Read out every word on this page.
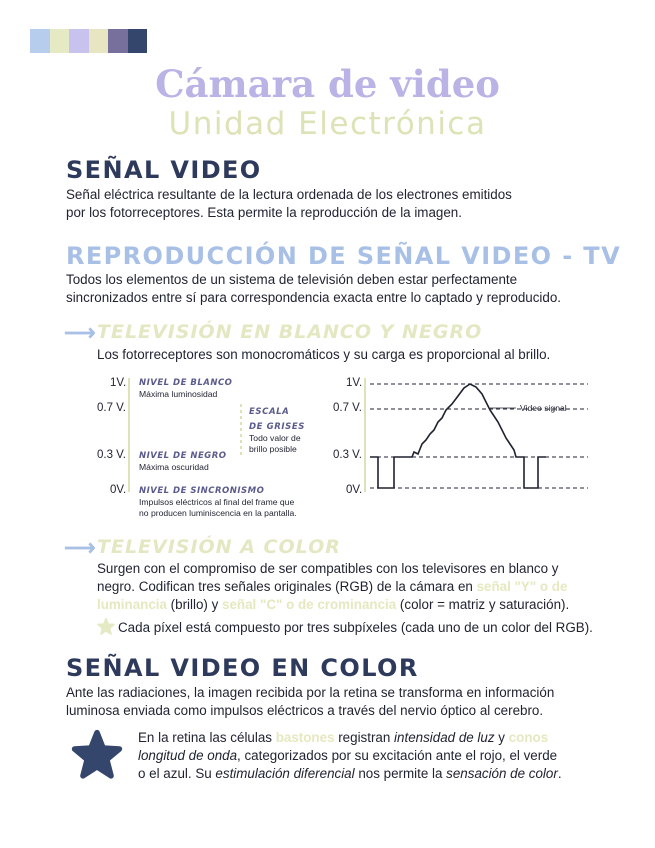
Cámara de video
Unidad Electrónica
SEÑAL VIDEO
Señal eléctrica resultante de la lectura ordenada de los electrones emitidos
por los fotorreceptores. Esta permite la reproducción de la imagen.
REPRODUCCIÓN DE SEÑAL VIDEO - TV
Todos los elementos de un sistema de televisión deben estar perfectamente
sincronizados entre sí para correspondencia exacta entre lo captado y reproducido.
⟶ TELEVISIÓN EN BLANCO Y NEGRO
Los fotorreceptores son monocromáticos y su carga es proporcional al brillo.
1V.
0.7 V.
0.3 V.
0V.
NIVEL DE BLANCO
Máxima luminosidad
NIVEL DE NEGRO
Máxima oscuridad
NIVEL DE SINCRONISMO
Impulsos eléctricos al final del frame que
no producen luminiscencia en la pantalla.
ESCALA
DE GRISES
Todo valor de
brillo posible
1V.
0.7 V.
0.3 V.
0V.
Video signal
⟶ TELEVISIÓN A COLOR
Surgen con el compromiso de ser compatibles con los televisores en blanco y
negro. Codifican tres señales originales (RGB) de la cámara en señal "Y" o de
luminancia (brillo) y señal "C" o de crominancia (color = matriz y saturación).
Cada píxel está compuesto por tres subpíxeles (cada uno de un color del RGB).
SEÑAL VIDEO EN COLOR
Ante las radiaciones, la imagen recibida por la retina se transforma en información
luminosa enviada como impulsos eléctricos a través del nervio óptico al cerebro.
En la retina las células bastones registran intensidad de luz y conos
longitud de onda, categorizados por su excitación ante el rojo, el verde
o el azul. Su estimulación diferencial nos permite la sensación de color.
